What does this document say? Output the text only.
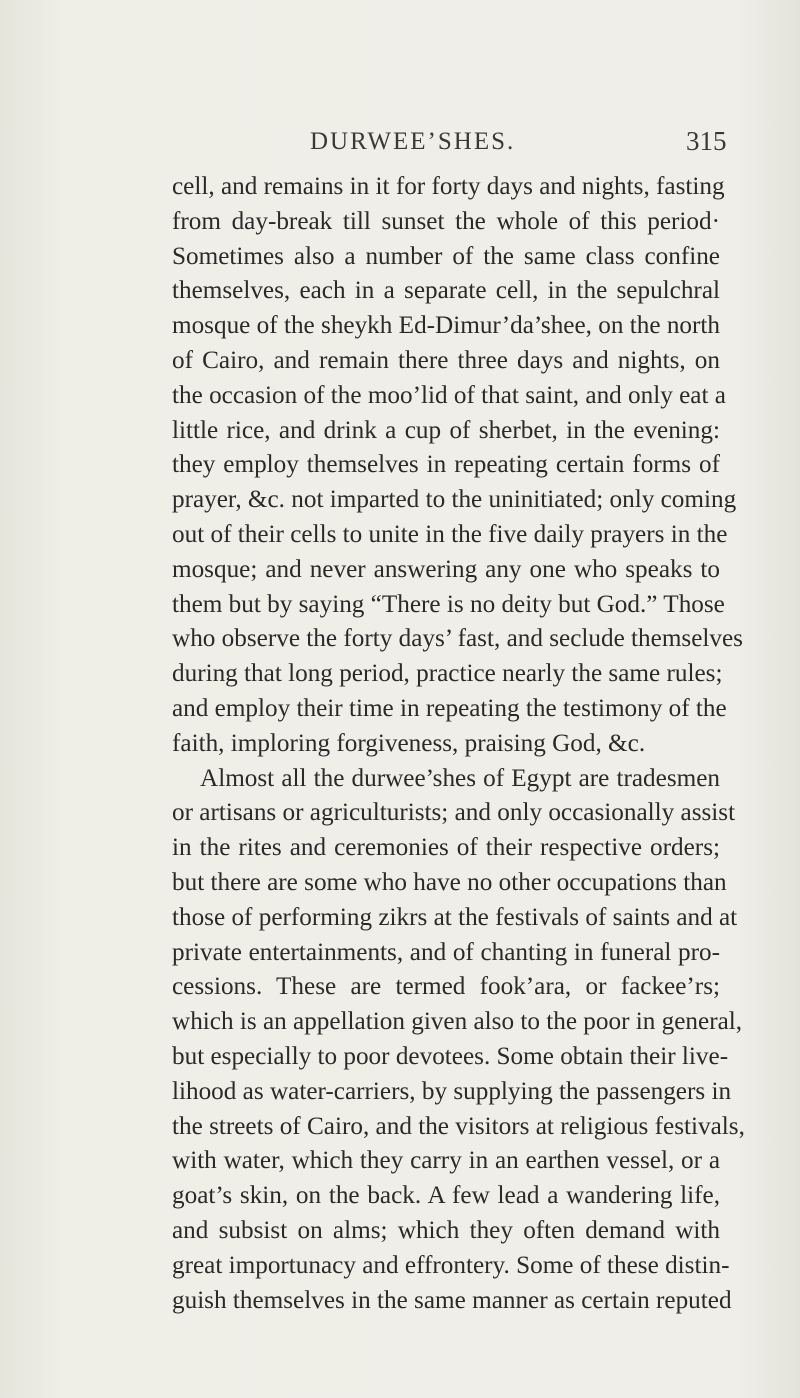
DURWEE’SHES.	315
cell, and remains in it for forty days and nights, fasting
from day-break till sunset the whole of this period·
Sometimes also a number of the same class confine
themselves, each in a separate cell, in the sepulchral
mosque of the sheykh Ed-Dimur’da’shee, on the north
of Cairo, and remain there three days and nights, on
the occasion of the moo’lid of that saint, and only eat a
little rice, and drink a cup of sherbet, in the evening:
they employ themselves in repeating certain forms of
prayer, &c. not imparted to the uninitiated; only coming
out of their cells to unite in the five daily prayers in the
mosque; and never answering any one who speaks to
them but by saying “There is no deity but God.” Those
who observe the forty days’ fast, and seclude themselves
during that long period, practice nearly the same rules;
and employ their time in repeating the testimony of the
faith, imploring forgiveness, praising God, &c.
Almost all the durwee’shes of Egypt are tradesmen
or artisans or agriculturists; and only occasionally assist
in the rites and ceremonies of their respective orders;
but there are some who have no other occupations than
those of performing zikrs at the festivals of saints and at
private entertainments, and of chanting in funeral pro-
cessions. These are termed fook’ara, or fackee’rs;
which is an appellation given also to the poor in general,
but especially to poor devotees. Some obtain their live-
lihood as water-carriers, by supplying the passengers in
the streets of Cairo, and the visitors at religious festivals,
with water, which they carry in an earthen vessel, or a
goat’s skin, on the back. A few lead a wandering life,
and subsist on alms; which they often demand with
great importunacy and effrontery. Some of these distin-
guish themselves in the same manner as certain reputed
